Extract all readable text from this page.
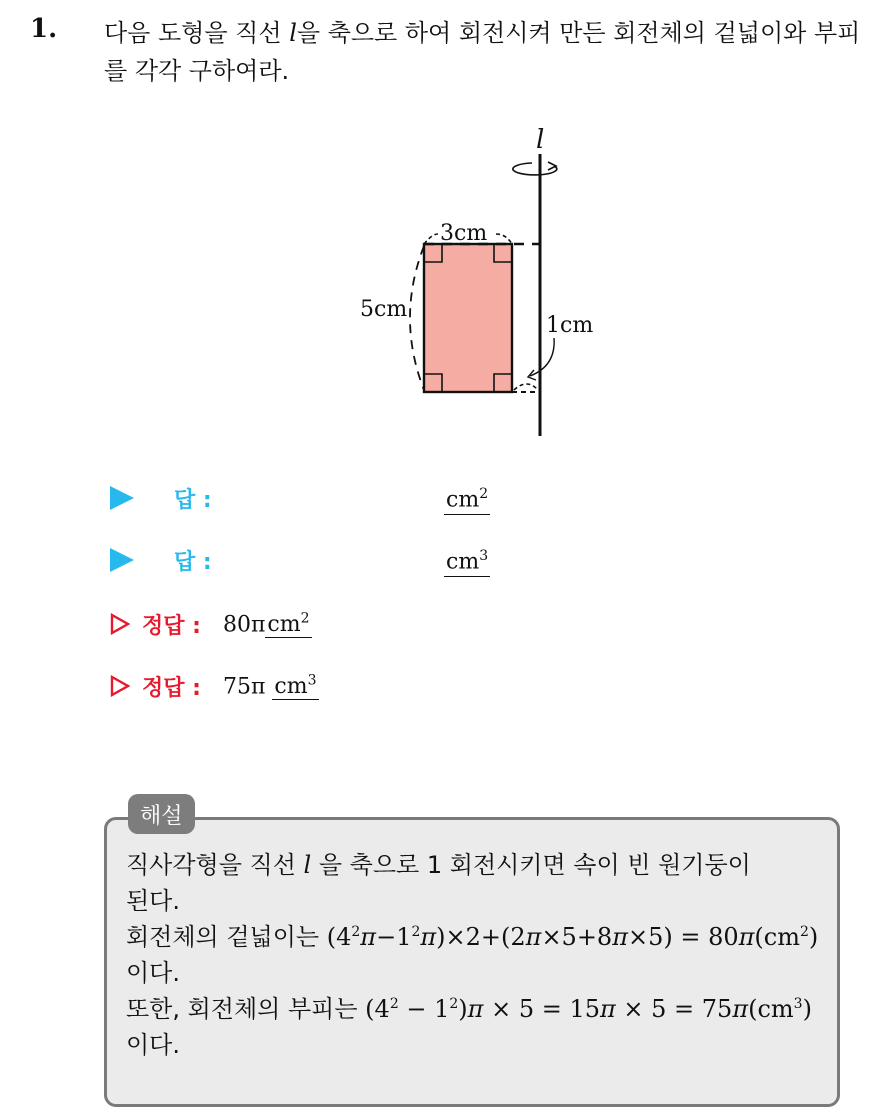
1. 다음 도형을 직선 l을 축으로 하여 회전시켜 만든 회전체의 겉넓이와 부피를 각각 구하여라.
l
3cm
5cm
1cm
답 :	$cm^2$
답 :	$cm^3$
정답 : 80πcm$^2$
정답 : 75π $cm^3$
해설
직사각형을 직선 l 을 축으로 1 회전시키면 속이 빈 원기둥이
된다.
회전체의 겉넓이는 $(4^2\pi-1^2\pi)\times 2+(2\pi\times 5+8\pi\times 5) = 80\pi(cm^2)$
이다.
또한, 회전체의 부피는 $(4^2 - 1^2)\pi \times 5 = 15\pi \times 5 = 75\pi(cm^3)$
이다.
